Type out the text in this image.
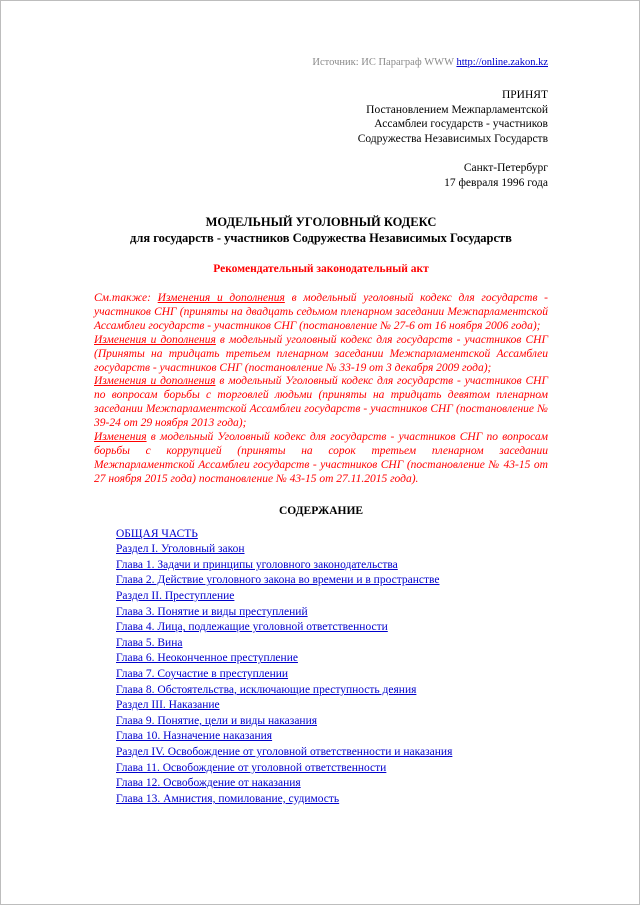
Источник: ИС Параграф WWW http://online.zakon.kz
ПРИНЯТ
Постановлением Межпарламентской
Ассамблеи государств - участников
Содружества Независимых Государств
Санкт-Петербург
17 февраля 1996 года
МОДЕЛЬНЫЙ УГОЛОВНЫЙ КОДЕКС
для государств - участников Содружества Независимых Государств
Рекомендательный законодательный акт

См.также: Изменения и дополнения в модельный уголовный кодекс для государств - участников СНГ (приняты на двадцать седьмом пленарном заседании Межпарламентской Ассамблеи государств - участников СНГ (постановление № 27-6 от 16 ноября 2006 года);

Изменения и дополнения в модельный уголовный кодекс для государств - участников СНГ (Приняты на тридцать третьем пленарном заседании Межпарламентской Ассамблеи государств - участников СНГ (постановление № 33-19 от 3 декабря 2009 года);

Изменения и дополнения в модельный Уголовный кодекс для государств - участников СНГ по вопросам борьбы с торговлей людьми (приняты на тридцать девятом пленарном заседании Межпарламентской Ассамблеи государств - участников СНГ (постановление № 39-24 от 29 ноября 2013 года);

Изменения в модельный Уголовный кодекс для государств - участников СНГ по вопросам борьбы с коррупцией (приняты на сорок третьем пленарном заседании Межпарламентской Ассамблеи государств - участников СНГ (постановление № 43-15 от 27 ноября 2015 года) постановление № 43-15 от 27.11.2015 года).

СОДЕРЖАНИЕ
ОБЩАЯ ЧАСТЬ
Раздел I. Уголовный закон
Глава 1. Задачи и принципы уголовного законодательства
Глава 2. Действие уголовного закона во времени и в пространстве
Раздел II. Преступление
Глава 3. Понятие и виды преступлений
Глава 4. Лица, подлежащие уголовной ответственности
Глава 5. Вина
Глава 6. Неоконченное преступление
Глава 7. Соучастие в преступлении
Глава 8. Обстоятельства, исключающие преступность деяния
Раздел III. Наказание
Глава 9. Понятие, цели и виды наказания
Глава 10. Назначение наказания
Раздел IV. Освобождение от уголовной ответственности и наказания
Глава 11. Освобождение от уголовной ответственности
Глава 12. Освобождение от наказания
Глава 13. Амнистия, помилование, судимость
